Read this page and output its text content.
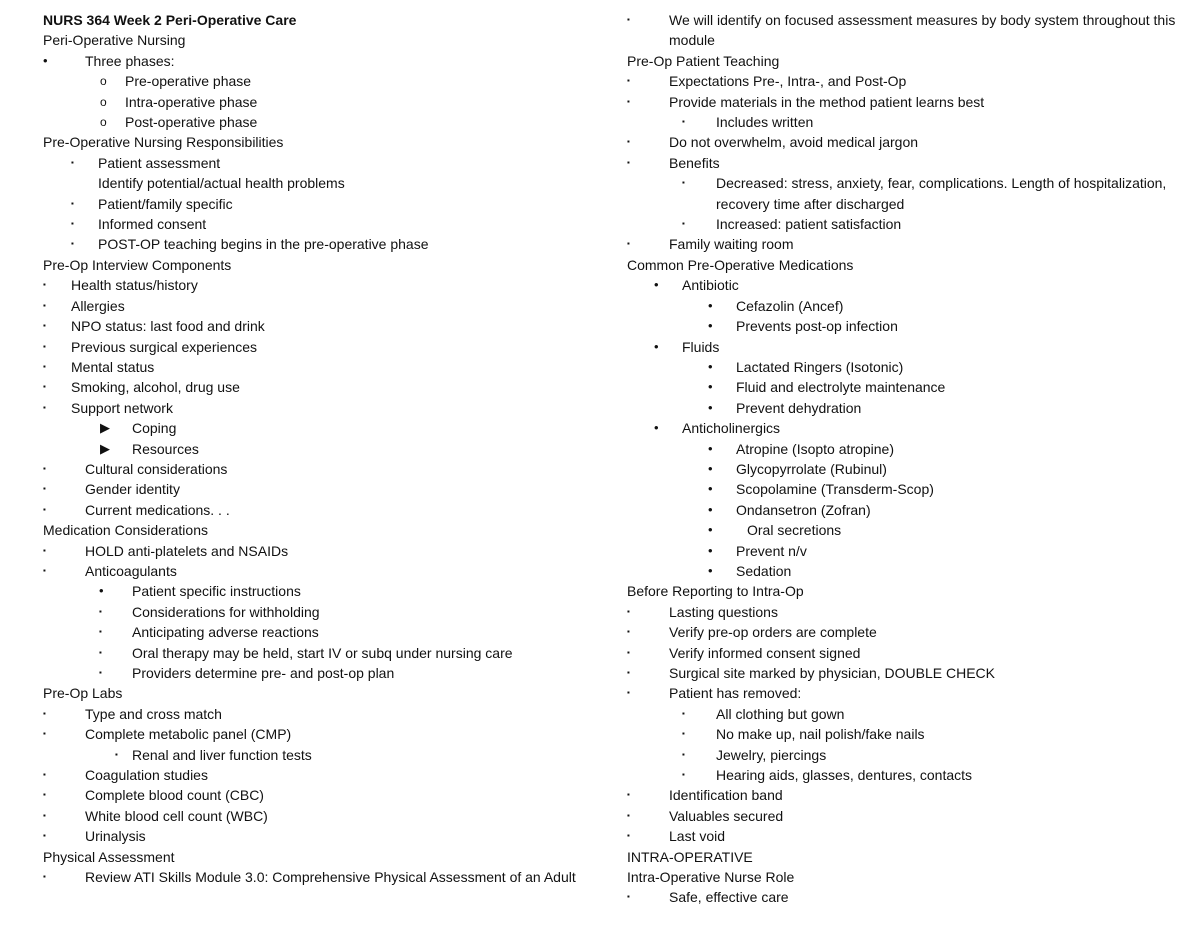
NURS 364 Week 2 Peri-Operative Care
Peri-Operative Nursing
•	Three phases:
o Pre-operative phase
o Intra-operative phase
o Post-operative phase
Pre-Operative Nursing Responsibilities
▪ Patient assessment
Identify potential/actual health problems
▪ Patient/family specific
▪ Informed consent
▪ POST-OP teaching begins in the pre-operative phase
Pre-Op Interview Components
▪ Health status/history
▪ Allergies
▪ NPO status: last food and drink
▪ Previous surgical experiences
▪ Mental status
▪ Smoking, alcohol, drug use
▪ Support network
▶ Coping
▶ Resources
▪	Cultural considerations
▪	Gender identity
▪	Current medications. . .
Medication Considerations
▪	HOLD anti-platelets and NSAIDs
▪	Anticoagulants
• Patient specific instructions
▪ Considerations for withholding
▪ Anticipating adverse reactions
▪ Oral therapy may be held, start IV or subq under nursing care
▪ Providers determine pre- and post-op plan
Pre-Op Labs
▪	Type and cross match
▪	Complete metabolic panel (CMP)
▪ Renal and liver function tests
▪	Coagulation studies
▪	Complete blood count (CBC)
▪	White blood cell count (WBC)
▪	Urinalysis
Physical Assessment
▪	Review ATI Skills Module 3.0: Comprehensive Physical Assessment of an Adult
▪	We will identify on focused assessment measures by body system throughout this module
Pre-Op Patient Teaching
▪	Expectations Pre-, Intra-, and Post-Op
▪	Provide materials in the method patient learns best
▪ Includes written
▪	Do not overwhelm, avoid medical jargon
▪	Benefits
▪ Decreased: stress, anxiety, fear, complications. Length of hospitalization, recovery time after discharged
▪ Increased: patient satisfaction
▪	Family waiting room
Common Pre-Operative Medications
• Antibiotic
• Cefazolin (Ancef)
• Prevents post-op infection
• Fluids
• Lactated Ringers (Isotonic)
• Fluid and electrolyte maintenance
• Prevent dehydration
• Anticholinergics
• Atropine (Isopto atropine)
• Glycopyrrolate (Rubinul)
• Scopolamine (Transderm-Scop)
• Ondansetron (Zofran)
• Oral secretions
• Prevent n/v
• Sedation
Before Reporting to Intra-Op
▪	Lasting questions
▪	Verify pre-op orders are complete
▪	Verify informed consent signed
▪	Surgical site marked by physician, DOUBLE CHECK
▪	Patient has removed:
▪ All clothing but gown
▪ No make up, nail polish/fake nails
▪ Jewelry, piercings
▪ Hearing aids, glasses, dentures, contacts
▪	Identification band
▪	Valuables secured
▪	Last void
INTRA-OPERATIVE
Intra-Operative Nurse Role
▪	Safe, effective care
